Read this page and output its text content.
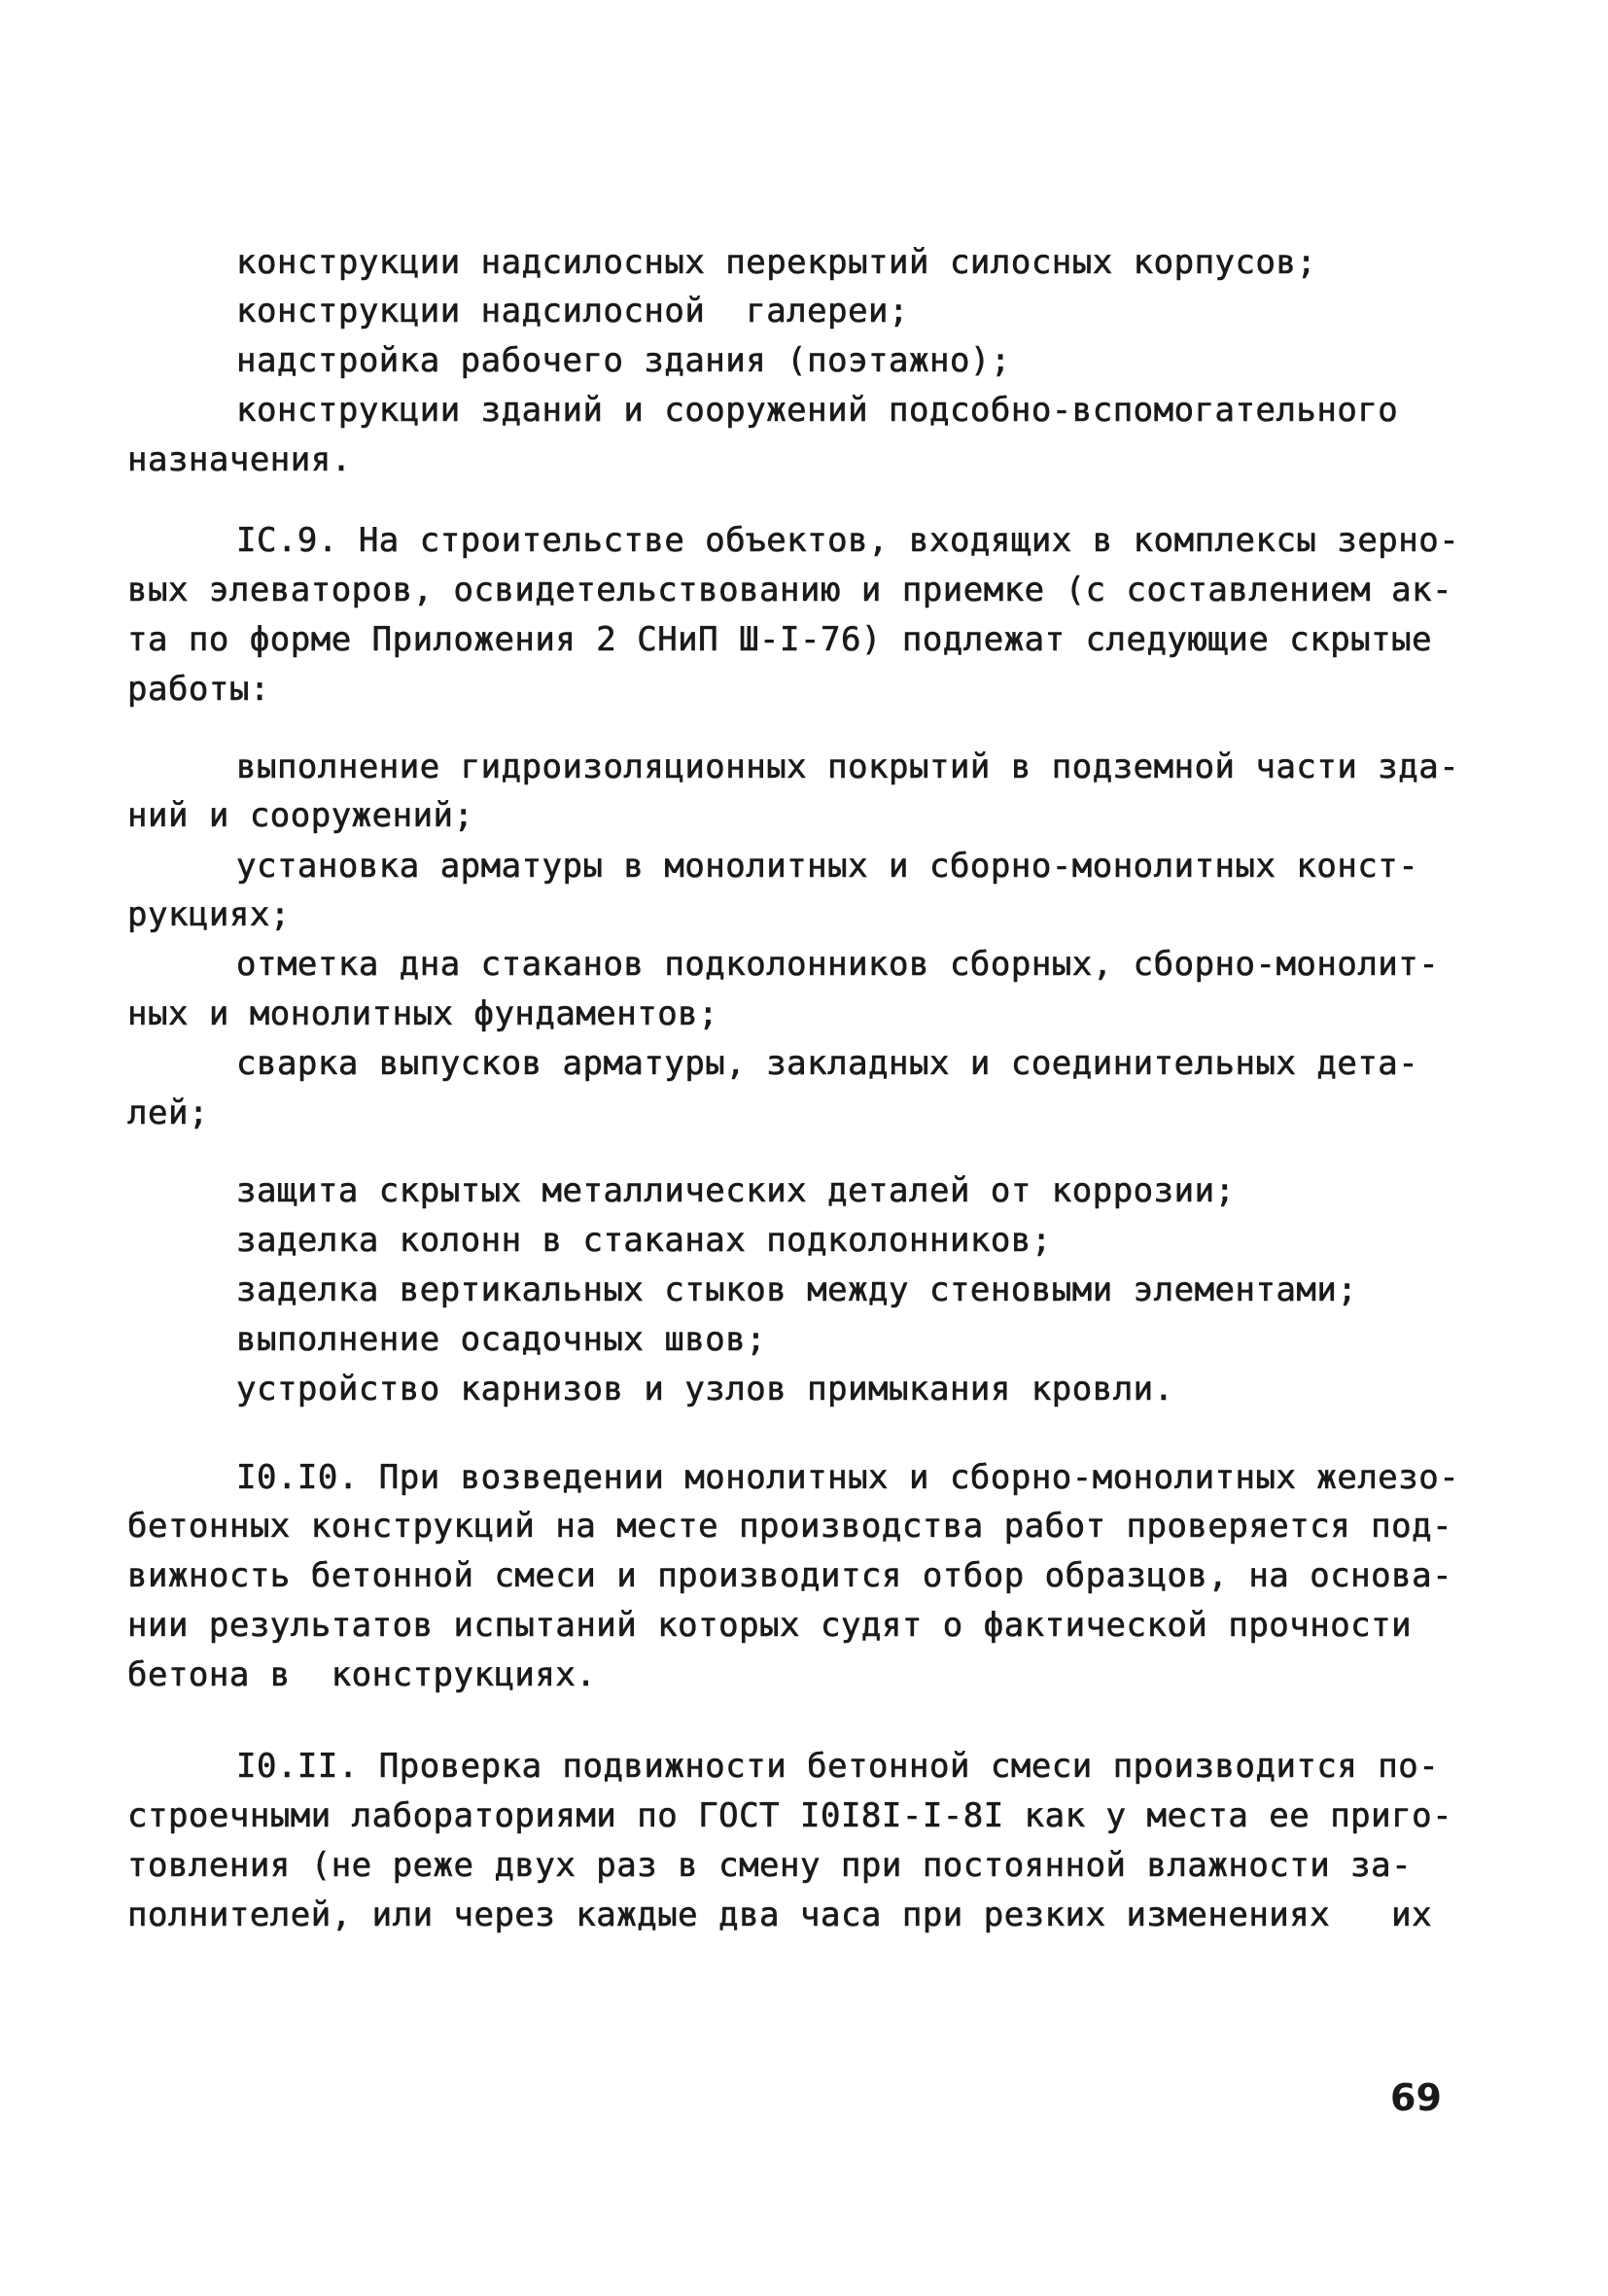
конструкции надсилосных перекрытий силосных корпусов;
конструкции надсилосной  галереи;
надстройка рабочего здания (поэтажно);
конструкции зданий и сооружений подсобно-вспомогательного
назначения.
IC.9. На строительстве объектов, входящих в комплексы зерно-
вых элеваторов, освидетельствованию и приемке (с составлением ак-
та по форме Приложения 2 СНиП Ш-I-76) подлежат следующие скрытые
работы:
выполнение гидроизоляционных покрытий в подземной части зда-
ний и сооружений;
установка арматуры в монолитных и сборно-монолитных конст-
рукциях;
отметка дна стаканов подколонников сборных, сборно-монолит-
ных и монолитных фундаментов;
сварка выпусков арматуры, закладных и соединительных дета-
лей;
защита скрытых металлических деталей от коррозии;
заделка колонн в стаканах подколонников;
заделка вертикальных стыков между стеновыми элементами;
выполнение осадочных швов;
устройство карнизов и узлов примыкания кровли.
I0.I0. При возведении монолитных и сборно-монолитных железо-
бетонных конструкций на месте производства работ проверяется под-
вижность бетонной смеси и производится отбор образцов, на основа-
нии результатов испытаний которых судят о фактической прочности
бетона в  конструкциях.
I0.II. Проверка подвижности бетонной смеси производится по-
строечными лабораториями по ГОСТ I0I8I-I-8I как у места ее приго-
товления (не реже двух раз в смену при постоянной влажности за-
полнителей, или через каждые два часа при резких изменениях   их
69
